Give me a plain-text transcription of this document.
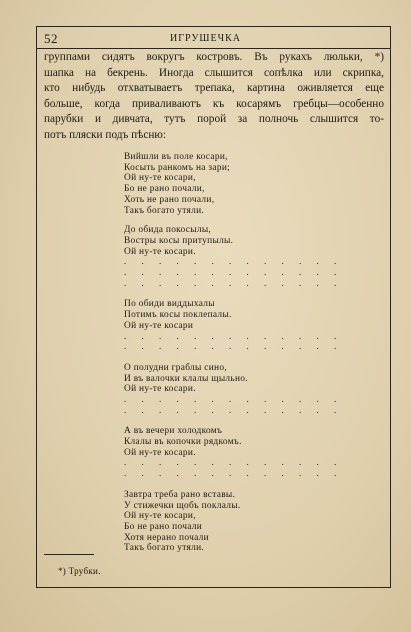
52	ИГРУШЕЧКА
группами сидятъ вокругъ костровъ. Въ рукахъ люльки, *)
шапка на бекрень. Иногда слышится сопѣлка или скрипка,
кто нибудь отхватываетъ трепака, картина оживляется еще
больше, когда приваливаютъ къ косарямъ гребцы—особенно
парубки и дивчата, тутъ порой за полночь слышится то-
потъ пляски подъ пѣсню:
Вийшли въ поле косари,
Косыть ранкомъ на зари;
Ой ну-те косари,
Бо не рано почали,
Хоть не рано почали,
Такъ богато утяли.
До обида покосылы,
Востры косы притупылы.
Ой ну-те косари.
. . . . . . . . . . . . .
. . . . . . . . . . . . .
. . . . . . . . . . . . .
По обиди виддыхалы
Потимъ косы поклепалы.
Ой ну-те косари
. . . . . . . . . . . . .
. . . . . . . . . . . . .
О полудни граблы сино,
И въ валочки клалы щыльно.
Ой ну-те косари.
. . . . . . . . . . . . .
. . . . . . . . . . . . .
А въ вечери холодкомъ
Клалы въ копочки рядкомъ.
Ой ну-те косари.
. . . . . . . . . . . . .
. . . . . . . . . . . . .
Завтра треба рано вставы.
У стижечки щобъ поклалы.
Ой ну-те косари,
Бо не рано почали
Хотя нерано почали
Такъ богато утяли.
*) Трубки.
